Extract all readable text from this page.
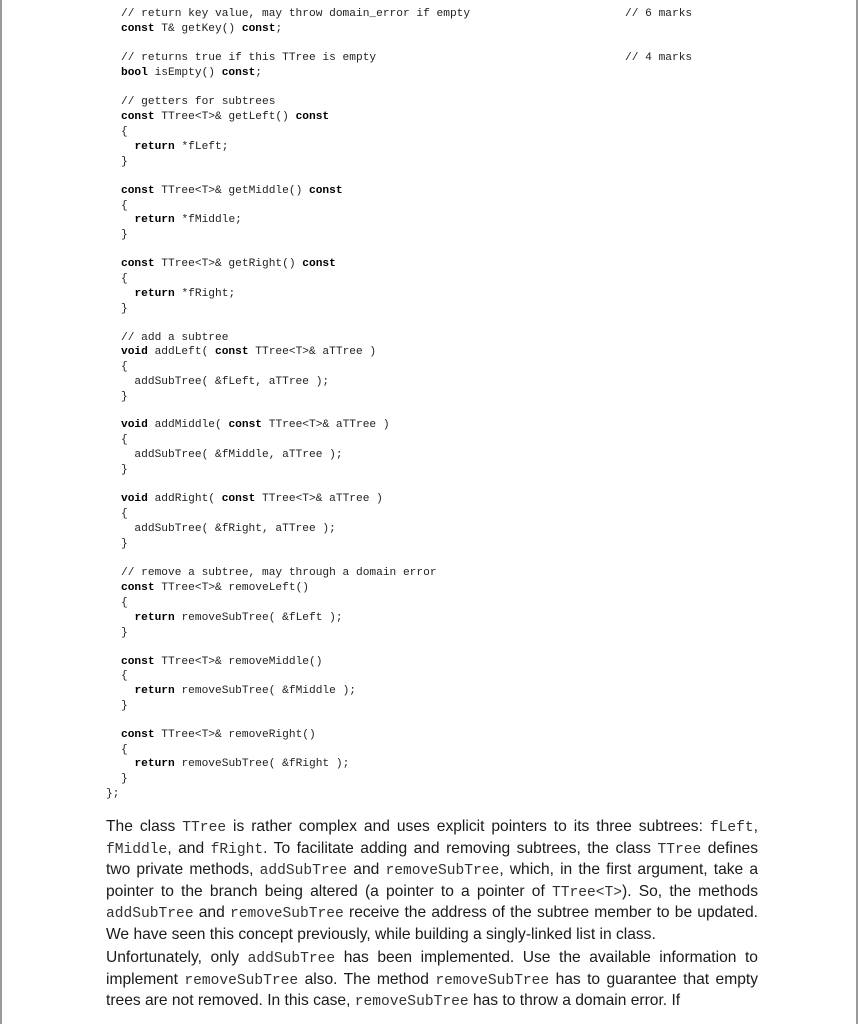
// return key value, may throw domain_error if empty
const T& getKey() const;
// returns true if this TTree is empty
bool isEmpty() const;
// getters for subtrees
const TTree<T>& getLeft() const
{
return *fLeft;
}
const TTree<T>& getMiddle() const
{
return *fMiddle;
}
const TTree<T>& getRight() const
{
return *fRight;
}
// add a subtree
void addLeft( const TTree<T>& aTTree )
{
addSubTree( &fLeft, aTTree );
}
void addMiddle( const TTree<T>& aTTree )
{
addSubTree( &fMiddle, aTTree );
}
void addRight( const TTree<T>& aTTree )
{
addSubTree( &fRight, aTTree );
}
// remove a subtree, may through a domain error
const TTree<T>& removeLeft()
{
return removeSubTree( &fLeft );
}
const TTree<T>& removeMiddle()
{
return removeSubTree( &fMiddle );
}
const TTree<T>& removeRight()
{
return removeSubTree( &fRight );
}
};
// 6 marks
// 4 marks

The class TTree is rather complex and uses explicit pointers to its three subtrees: fLeft, fMiddle, and fRight. To facilitate adding and removing subtrees, the class TTree defines two private methods, addSubTree and removeSubTree, which, in the first argument, take a pointer to the branch being altered (a pointer to a pointer of TTree<T>). So, the methods addSubTree and removeSubTree receive the address of the subtree member to be updated. We have seen this concept previously, while building a singly-linked list in class.

Unfortunately, only addSubTree has been implemented. Use the available information to implement removeSubTree also. The method removeSubTree has to guarantee that empty trees are not removed. In this case, removeSubTree has to throw a domain error. If
